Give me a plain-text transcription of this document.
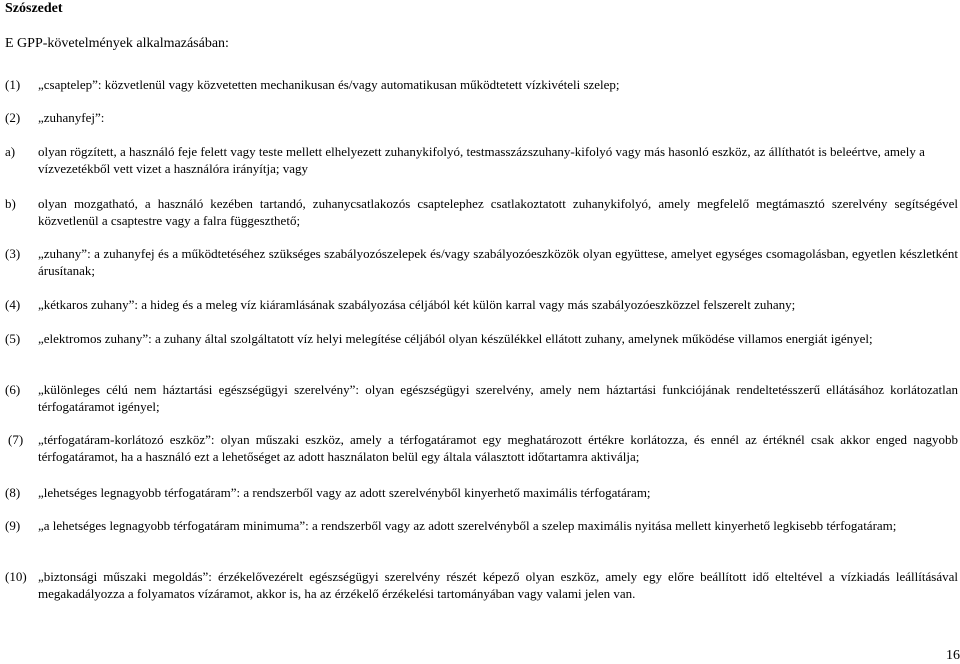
Szószedet
E GPP-követelmények alkalmazásában:
(1) „csaptelep”: közvetlenül vagy közvetetten mechanikusan és/vagy automatikusan működtetett vízkivételi szelep;
(2) „zuhanyfej”:
a) olyan rögzített, a használó feje felett vagy teste mellett elhelyezett zuhanykifolyó, testmasszázszuhany-kifolyó vagy más hasonló eszköz, az állíthatót is beleértve, amely a vízvezetékből vett vizet a használóra irányítja; vagy
b) olyan mozgatható, a használó kezében tartandó, zuhanycsatlakozós csaptelephez csatlakoztatott zuhanykifolyó, amely megfelelő megtámasztó szerelvény segítségével közvetlenül a csaptestre vagy a falra függeszthető;
(3) „zuhany”: a zuhanyfej és a működtetéséhez szükséges szabályozószelepek és/vagy szabályozóeszközök olyan együttese, amelyet egységes csomagolásban, egyetlen készletként árusítanak;
(4) „kétkaros zuhany”: a hideg és a meleg víz kiáramlásának szabályozása céljából két külön karral vagy más szabályozóeszközzel felszerelt zuhany;
(5) „elektromos zuhany”: a zuhany által szolgáltatott víz helyi melegítése céljából olyan készülékkel ellátott zuhany, amelynek működése villamos energiát igényel;
(6) „különleges célú nem háztartási egészségügyi szerelvény”: olyan egészségügyi szerelvény, amely nem háztartási funkciójának rendeltetésszerű ellátásához korlátozatlan térfogatáramot igényel;
(7) „térfogatáram-korlátozó eszköz”: olyan műszaki eszköz, amely a térfogatáramot egy meghatározott értékre korlátozza, és ennél az értéknél csak akkor enged nagyobb térfogatáramot, ha a használó ezt a lehetőséget az adott használaton belül egy általa választott időtartamra aktiválja;
(8) „lehetséges legnagyobb térfogatáram”: a rendszerből vagy az adott szerelvényből kinyerhető maximális térfogatáram;
(9) „a lehetséges legnagyobb térfogatáram minimuma”: a rendszerből vagy az adott szerelvényből a szelep maximális nyitása mellett kinyerhető legkisebb térfogatáram;
(10) „biztonsági műszaki megoldás”: érzékelővezérelt egészségügyi szerelvény részét képező olyan eszköz, amely egy előre beállított idő elteltével a vízkiadás leállításával megakadályozza a folyamatos vízáramot, akkor is, ha az érzékelő érzékelési tartományában vagy valami jelen van.
16
